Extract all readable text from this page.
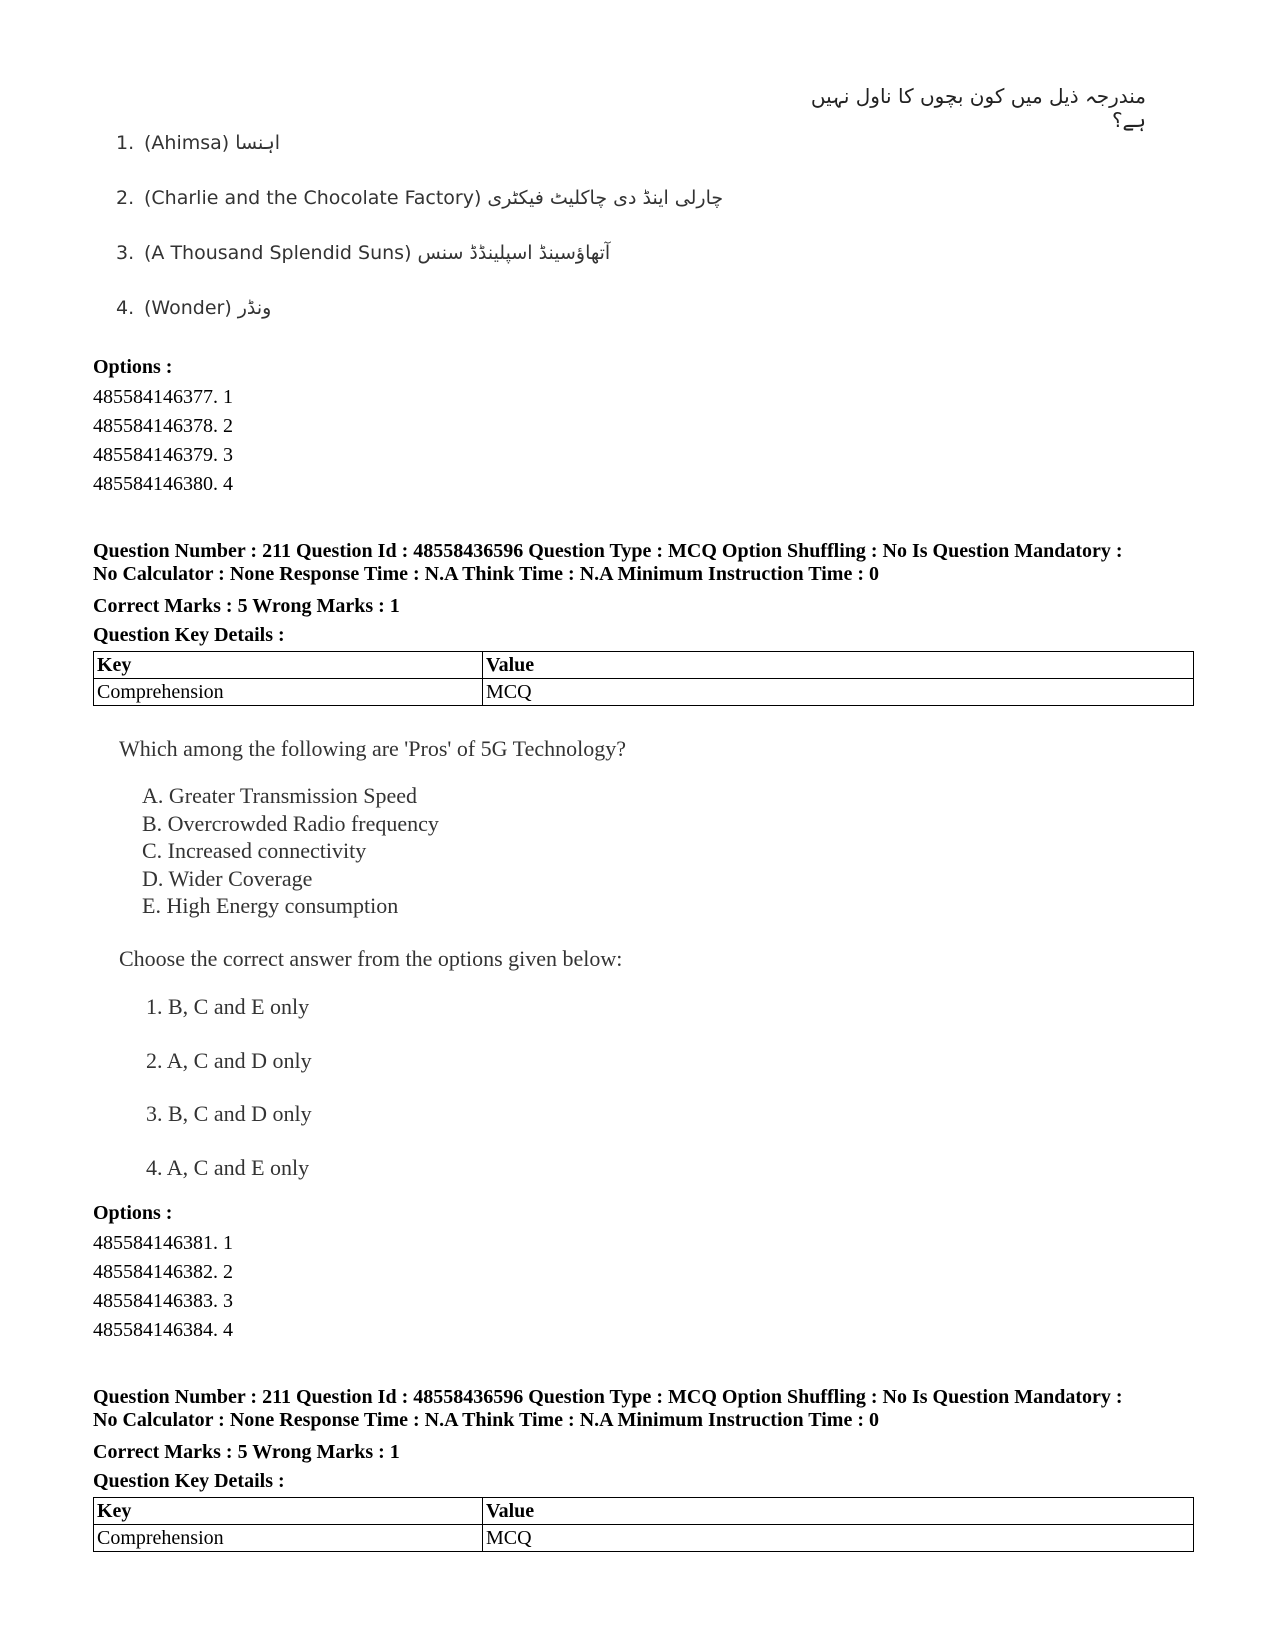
مندرجہ ذیل میں کون بچوں کا ناول نہیں ہے؟
1. (Ahimsa) اہنسا
2. (Charlie and the Chocolate Factory) چارلی اینڈ دی چاکلیٹ فیکٹری
3. (A Thousand Splendid Suns) آتھاؤسینڈ اسپلینڈڈ سنس
4. (Wonder) ونڈر
Options :
485584146377. 1
485584146378. 2
485584146379. 3
485584146380. 4
Question Number : 211 Question Id : 48558436596 Question Type : MCQ Option Shuffling : No Is Question Mandatory :
No Calculator : None Response Time : N.A Think Time : N.A Minimum Instruction Time : 0
Correct Marks : 5 Wrong Marks : 1
Question Key Details :
Key	Value
Comprehension	MCQ
Which among the following are 'Pros' of 5G Technology?
A. Greater Transmission Speed
B. Overcrowded Radio frequency
C. Increased connectivity
D. Wider Coverage
E. High Energy consumption
Choose the correct answer from the options given below:
1. B, C and E only
2. A, C and D only
3. B, C and D only
4. A, C and E only
Options :
485584146381. 1
485584146382. 2
485584146383. 3
485584146384. 4
Question Number : 211 Question Id : 48558436596 Question Type : MCQ Option Shuffling : No Is Question Mandatory :
No Calculator : None Response Time : N.A Think Time : N.A Minimum Instruction Time : 0
Correct Marks : 5 Wrong Marks : 1
Question Key Details :
Key	Value
Comprehension	MCQ
